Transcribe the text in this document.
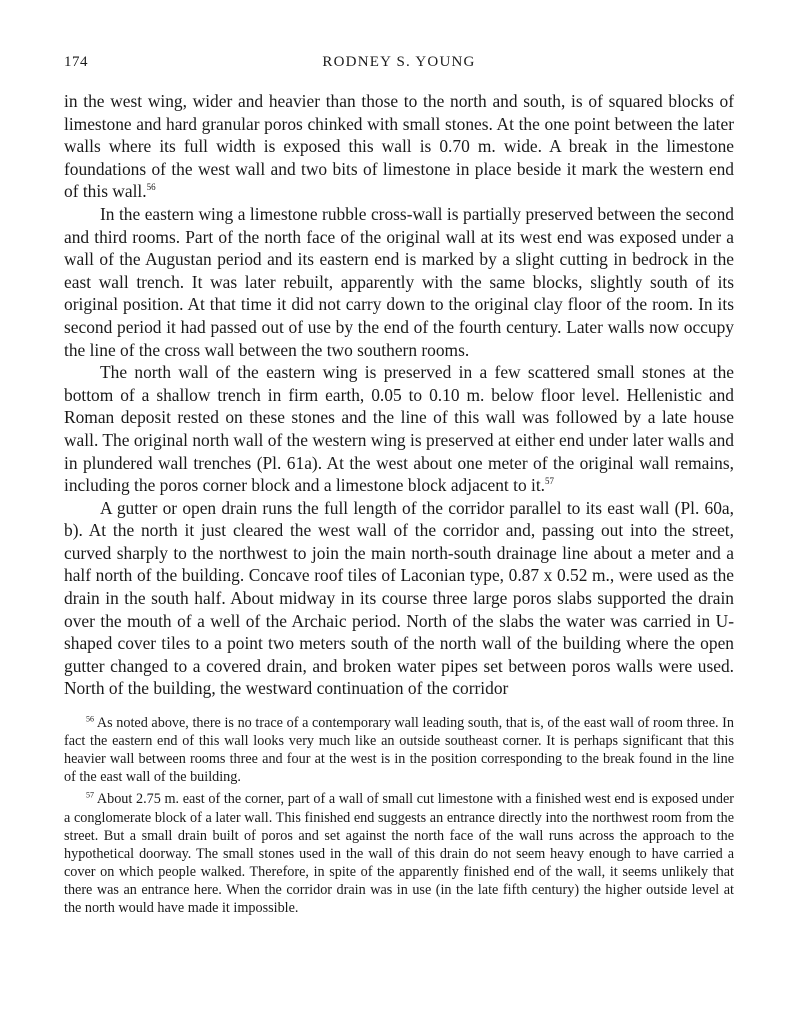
174	RODNEY S. YOUNG

in the west wing, wider and heavier than those to the north and south, is of squared blocks of limestone and hard granular poros chinked with small stones. At the one point between the later walls where its full width is exposed this wall is 0.70 m. wide. A break in the limestone foundations of the west wall and two bits of limestone in place beside it mark the western end of this wall.$^{56}$

In the eastern wing a limestone rubble cross-wall is partially preserved between the second and third rooms. Part of the north face of the original wall at its west end was exposed under a wall of the Augustan period and its eastern end is marked by a slight cutting in bedrock in the east wall trench. It was later rebuilt, apparently with the same blocks, slightly south of its original position. At that time it did not carry down to the original clay floor of the room. In its second period it had passed out of use by the end of the fourth century. Later walls now occupy the line of the cross wall between the two southern rooms.

The north wall of the eastern wing is preserved in a few scattered small stones at the bottom of a shallow trench in firm earth, 0.05 to 0.10 m. below floor level. Hellenistic and Roman deposit rested on these stones and the line of this wall was followed by a late house wall. The original north wall of the western wing is preserved at either end under later walls and in plundered wall trenches (Pl. 61a). At the west about one meter of the original wall remains, including the poros corner block and a limestone block adjacent to it.$^{57}$

A gutter or open drain runs the full length of the corridor parallel to its east wall (Pl. 60a, b). At the north it just cleared the west wall of the corridor and, passing out into the street, curved sharply to the northwest to join the main north-south drainage line about a meter and a half north of the building. Concave roof tiles of Laconian type, 0.87 x 0.52 m., were used as the drain in the south half. About midway in its course three large poros slabs supported the drain over the mouth of a well of the Archaic period. North of the slabs the water was carried in U-shaped cover tiles to a point two meters south of the north wall of the building where the open gutter changed to a covered drain, and broken water pipes set between poros walls were used. North of the building, the westward continuation of the corridor

$^{56}$ As noted above, there is no trace of a contemporary wall leading south, that is, of the east wall of room three. In fact the eastern end of this wall looks very much like an outside southeast corner. It is perhaps significant that this heavier wall between rooms three and four at the west is in the position corresponding to the break found in the line of the east wall of the building.

$^{57}$ About 2.75 m. east of the corner, part of a wall of small cut limestone with a finished west end is exposed under a conglomerate block of a later wall. This finished end suggests an entrance directly into the northwest room from the street. But a small drain built of poros and set against the north face of the wall runs across the approach to the hypothetical doorway. The small stones used in the wall of this drain do not seem heavy enough to have carried a cover on which people walked. Therefore, in spite of the apparently finished end of the wall, it seems unlikely that there was an entrance here. When the corridor drain was in use (in the late fifth century) the higher outside level at the north would have made it impossible.
